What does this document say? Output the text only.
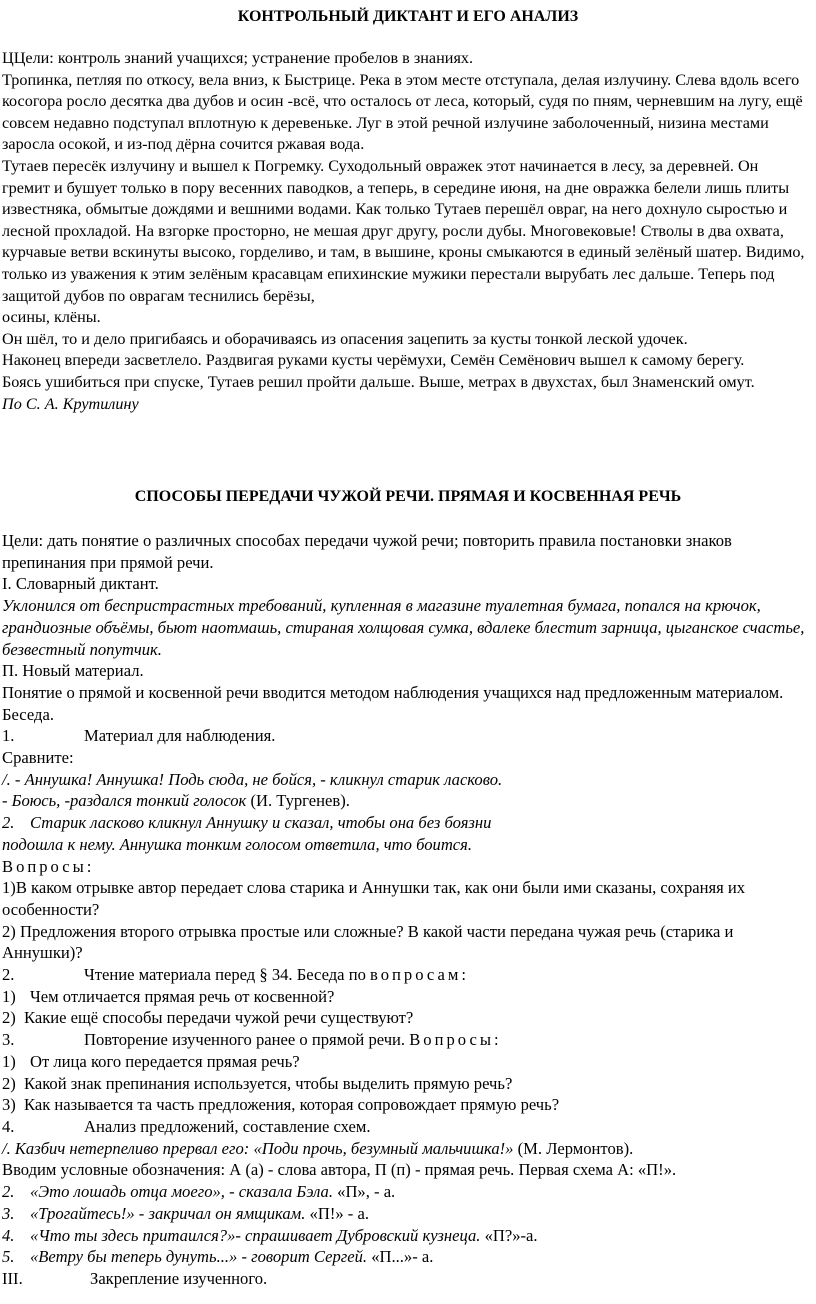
КОНТРОЛЬНЫЙ ДИКТАНТ И ЕГО АНАЛИЗ

ЦЦели: контроль знаний учащихся; устранение пробелов в знаниях.

Тропинка, петляя по откосу, вела вниз, к Быстрице. Река в этом месте отступала, делая излучину. Слева вдоль всего косогора росло десятка два дубов и осин -всё, что осталось от леса, который, судя по пням, черневшим на лугу, ещё совсем недавно подступал вплотную к деревеньке. Луг в этой речной излучине заболоченный, низина местами заросла осокой, и из-под дёрна сочится ржавая вода.

Тутаев пересёк излучину и вышел к Погремку. Суходольный овражек этот начинается в лесу, за деревней. Он гремит и бушует только в пору весенних паводков, а теперь, в середине июня, на дне овражка белели лишь плиты известняка, обмытые дождями и вешними водами. Как только Тутаев перешёл овраг, на него дохнуло сыростью и лесной прохладой. На взгорке просторно, не мешая друг другу, росли дубы. Многовековые! Стволы в два охвата, курчавые ветви вскинуты высоко, горделиво, и там, в вышине, кроны смыкаются в единый зелёный шатер. Видимо, только из уважения к этим зелёным красавцам епихинские мужики перестали вырубать лес дальше. Теперь под защитой дубов по оврагам теснились берёзы,

осины, клёны.

Он шёл, то и дело пригибаясь и оборачиваясь из опасения зацепить за кусты тонкой леской удочек.

Наконец впереди засветлело. Раздвигая руками кусты черёмухи, Семён Семёнович вышел к самому берегу.

Боясь ушибиться при спуске, Тутаев решил пройти дальше. Выше, метрах в двухстах, был Знаменский омут.

По С. А. Крутилину

СПОСОБЫ ПЕРЕДАЧИ ЧУЖОЙ РЕЧИ. ПРЯМАЯ И КОСВЕННАЯ РЕЧЬ

Цели: дать понятие о различных способах передачи чужой речи; повторить правила постановки знаков препинания при прямой речи.

I. Словарный диктант.

Уклонился от беспристрастных требований, купленная в магазине туалетная бумага, попался на крючок, грандиозные объёмы, бьют наотмашь, стираная холщовая сумка, вдалеке блестит зарница, цыганское счастье, безвестный попутчик.

П. Новый материал.

Понятие о прямой и косвенной речи вводится методом наблюдения учащихся над предложенным материалом. Беседа.

1.	Материал для наблюдения.

Сравните:

/. - Аннушка! Аннушка! Подь сюда, не бойся, - кликнул старик ласково.

- Боюсь, -раздался тонкий голосок (И. Тургенев).

2. Старик ласково кликнул Аннушку и сказал, чтобы она без боязни

подошла к нему. Аннушка тонким голосом ответила, что боится.

Вопросы:

1)В каком отрывке автор передает слова старика и Аннушки так, как они были ими сказаны, сохраняя их особенности?

2) Предложения второго отрывка простые или сложные? В какой части передана чужая речь (старика и Аннушки)?

2.	Чтение материала перед § 34. Беседа по вопросам:

1) Чем отличается прямая речь от косвенной?

2) Какие ещё способы передачи чужой речи существуют?

3.	Повторение изученного ранее о прямой речи. Вопросы:

1) От лица кого передается прямая речь?

2) Какой знак препинания используется, чтобы выделить прямую речь?

3) Как называется та часть предложения, которая сопровождает прямую речь?

4.	Анализ предложений, составление схем.

/. Казбич нетерпеливо прервал его: «Поди прочь, безумный мальчишка!» (М. Лермонтов).

Вводим условные обозначения: А (а) - слова автора, П (п) - прямая речь. Первая схема А: «П!».

2. «Это лошадь отца моего», - сказала Бэла. «П», - а.

3. «Трогайтесь!» - закричал он ямщикам. «П!» - а.

4. «Что ты здесь притаился?»- спрашивает Дубровский кузнеца. «П?»-а.

5. «Ветру бы теперь дунуть...» - говорит Сергей. «П...»- а.

III.	Закрепление изученного.
